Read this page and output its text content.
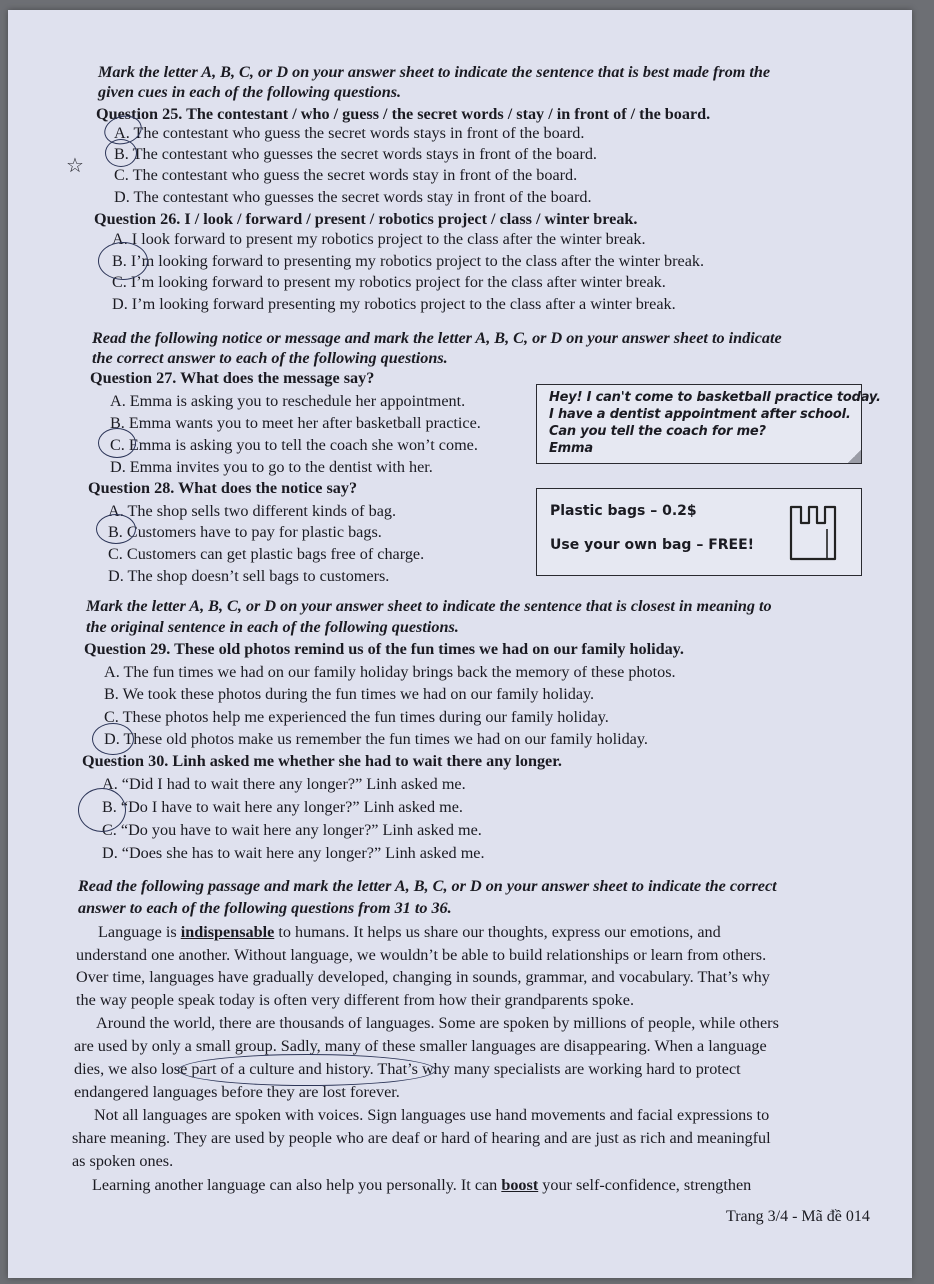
Mark the letter A, B, C, or D on your answer sheet to indicate the sentence that is best made from the
given cues in each of the following questions.
Question 25. The contestant / who / guess / the secret words / stay / in front of / the board.
A. The contestant who guess the secret words stays in front of the board.
B. The contestant who guesses the secret words stays in front of the board.
C. The contestant who guess the secret words stay in front of the board.
D. The contestant who guesses the secret words stay in front of the board.
☆
Question 26. I / look / forward / present / robotics project / class / winter break.
A. I look forward to present my robotics project to the class after the winter break.
B. I’m looking forward to presenting my robotics project to the class after the winter break.
C. I’m looking forward to present my robotics project for the class after winter break.
D. I’m looking forward presenting my robotics project to the class after a winter break.
Read the following notice or message and mark the letter A, B, C, or D on your answer sheet to indicate
the correct answer to each of the following questions.
Question 27. What does the message say?
A. Emma is asking you to reschedule her appointment.
B. Emma wants you to meet her after basketball practice.
C. Emma is asking you to tell the coach she won’t come.
D. Emma invites you to go to the dentist with her.
Hey! I can't come to basketball practice today.
I have a dentist appointment after school.
Can you tell the coach for me?
Emma
Question 28. What does the notice say?
A. The shop sells two different kinds of bag.
B. Customers have to pay for plastic bags.
C. Customers can get plastic bags free of charge.
D. The shop doesn’t sell bags to customers.
Plastic bags – 0.2$
Use your own bag – FREE!
Mark the letter A, B, C, or D on your answer sheet to indicate the sentence that is closest in meaning to
the original sentence in each of the following questions.
Question 29. These old photos remind us of the fun times we had on our family holiday.
A. The fun times we had on our family holiday brings back the memory of these photos.
B. We took these photos during the fun times we had on our family holiday.
C. These photos help me experienced the fun times during our family holiday.
D. These old photos make us remember the fun times we had on our family holiday.
Question 30. Linh asked me whether she had to wait there any longer.
A. “Did I had to wait there any longer?” Linh asked me.
B. “Do I have to wait here any longer?” Linh asked me.
C. “Do you have to wait here any longer?” Linh asked me.
D. “Does she has to wait here any longer?” Linh asked me.
Read the following passage and mark the letter A, B, C, or D on your answer sheet to indicate the correct
answer to each of the following questions from 31 to 36.
Language is indispensable to humans. It helps us share our thoughts, express our emotions, and
understand one another. Without language, we wouldn’t be able to build relationships or learn from others.
Over time, languages have gradually developed, changing in sounds, grammar, and vocabulary. That’s why
the way people speak today is often very different from how their grandparents spoke.
Around the world, there are thousands of languages. Some are spoken by millions of people, while others
are used by only a small group. Sadly, many of these smaller languages are disappearing. When a language
dies, we also lose part of a culture and history. That’s why many specialists are working hard to protect
endangered languages before they are lost forever.
Not all languages are spoken with voices. Sign languages use hand movements and facial expressions to
share meaning. They are used by people who are deaf or hard of hearing and are just as rich and meaningful
as spoken ones.
Learning another language can also help you personally. It can boost your self-confidence, strengthen
Trang 3/4 - Mã đề 014
